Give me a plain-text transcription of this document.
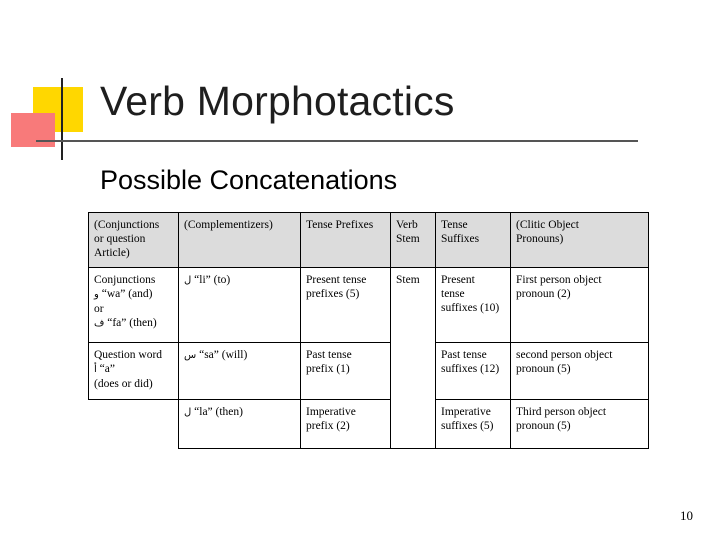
Verb Morphotactics
Possible Concatenations
(Conjunctions
or question
Article)	(Complementizers)	Tense Prefixes	Verb
Stem	Tense
Suffixes	(Clitic Object
Pronouns)

Conjunctions
و “wa” (and)
or
ف “fa” (then)	ل “li” (to)	Present tense
prefixes (5)	Stem	Present
tense
suffixes (10)	First person object
pronoun (2)

Question word
أ “a”
(does or did)	س “sa” (will)	Past tense
prefix (1)		Past tense
suffixes (12)	second person object
pronoun (5)

	ل “la” (then)	Imperative
prefix (2)		Imperative
suffixes (5)	Third person object
pronoun (5)
10
